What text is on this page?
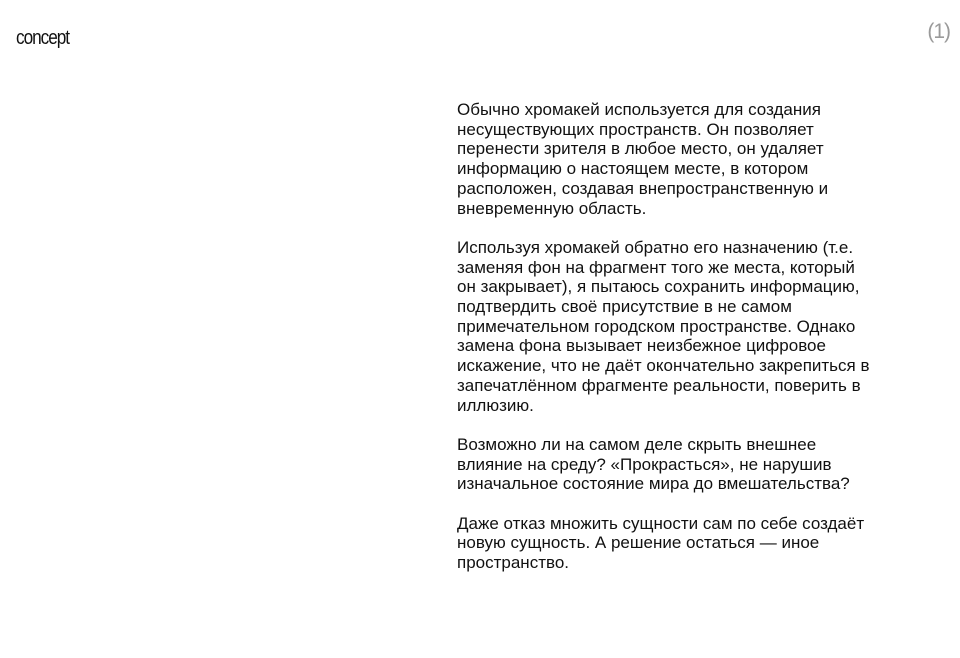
concept	(1)

Обычно хромакей используется для создания
несуществующих пространств. Он позволяет
перенести зрителя в любое место, он удаляет
информацию о настоящем месте, в котором
расположен, создавая внепространственную и
вневременную область.

Используя хромакей обратно его назначению (т.е.
заменяя фон на фрагмент того же места, который
он закрывает), я пытаюсь сохранить информацию,
подтвердить своё присутствие в не самом
примечательном городском пространстве. Однако
замена фона вызывает неизбежное цифровое
искажение, что не даёт окончательно закрепиться в
запечатлённом фрагменте реальности, поверить в
иллюзию.

Возможно ли на самом деле скрыть внешнее
влияние на среду? «Прокрасться», не нарушив
изначальное состояние мира до вмешательства?

Даже отказ множить сущности сам по себе создаёт
новую сущность. А решение остаться — иное
пространство.
